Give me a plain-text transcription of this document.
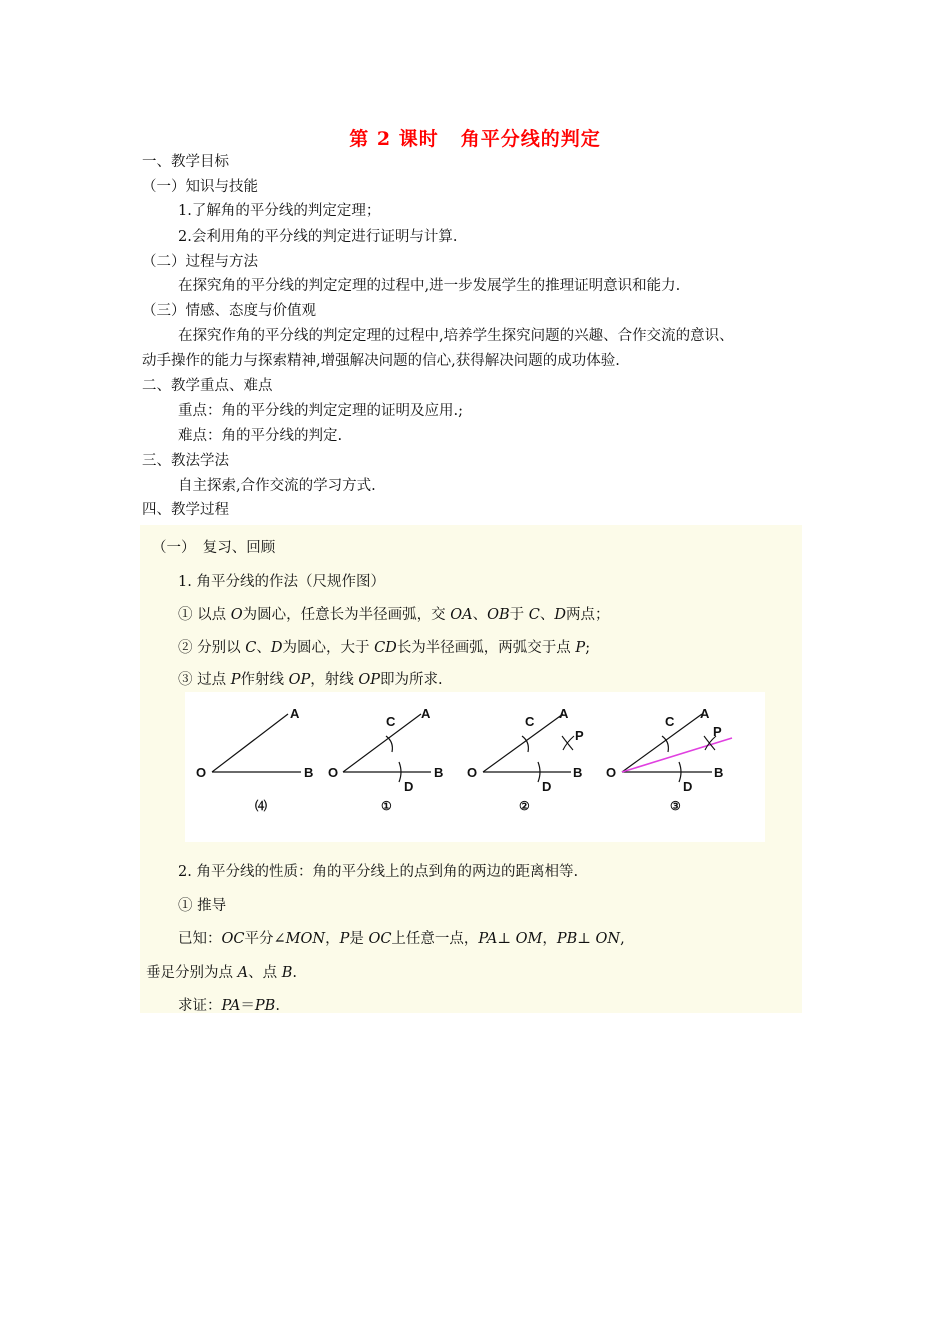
第 2 课时 角平分线的判定
一、教学目标
（一）知识与技能
1.了解角的平分线的判定定理；
2.会利用角的平分线的判定进行证明与计算.
（二）过程与方法
在探究角的平分线的判定定理的过程中,进一步发展学生的推理证明意识和能力.
（三）情感、态度与价值观
在探究作角的平分线的判定定理的过程中,培养学生探究问题的兴趣、合作交流的意识、
动手操作的能力与探索精神,增强解决问题的信心,获得解决问题的成功体验.
二、教学重点、难点
重点：角的平分线的判定定理的证明及应用.;
难点：角的平分线的判定.
三、教法学法
自主探索,合作交流的学习方式.
四、教学过程
（一）　复习、回顾
1. 角平分线的作法（尺规作图）
① 以点 O为圆心，任意长为半径画弧，交 OA、OB于 C、D两点；
② 分别以 C、D为圆心，大于 CD长为半径画弧，两弧交于点 P;
③ 过点 P作射线 OP，射线 OP即为所求.
O
A
B
⑷
O
A
B
C
D
①
O
A
B
C
D
P
②
O
A
B
C
D
P
③
2. 角平分线的性质：角的平分线上的点到角的两边的距离相等.
① 推导
已知：OC平分∠MON，P是 OC上任意一点，PA⊥ OM，PB⊥ ON,
垂足分别为点 A、点 B.
求证：PA＝PB.
